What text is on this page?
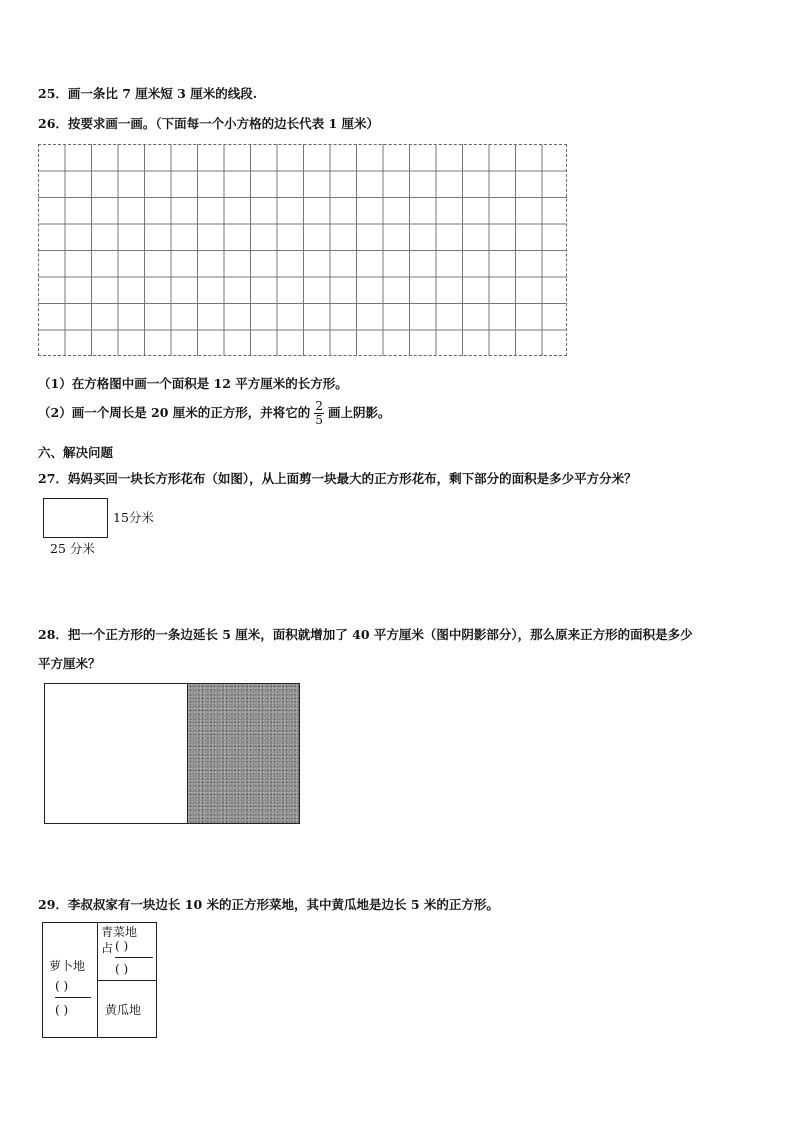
25．画一条比 7 厘米短 3 厘米的线段.
26．按要求画一画。（下面每一个小方格的边长代表 1 厘米）
（1）在方格图中画一个面积是 12 平方厘米的长方形。
（2）画一个周长是 20 厘米的正方形，并将它的 $\frac{2}{5}$ 画上阴影。
六、解决问题
27．妈妈买回一块长方形花布（如图），从上面剪一块最大的正方形花布，剩下部分的面积是多少平方分米？
15分米
25 分米
28．把一个正方形的一条边延长 5 厘米，面积就增加了 40 平方厘米（图中阴影部分），那么原来正方形的面积是多少
平方厘米？
29．李叔叔家有一块边长 10 米的正方形菜地，其中黄瓜地是边长 5 米的正方形。
青菜地
占 ( )
( )
萝卜地
( )
( )	黄瓜地
